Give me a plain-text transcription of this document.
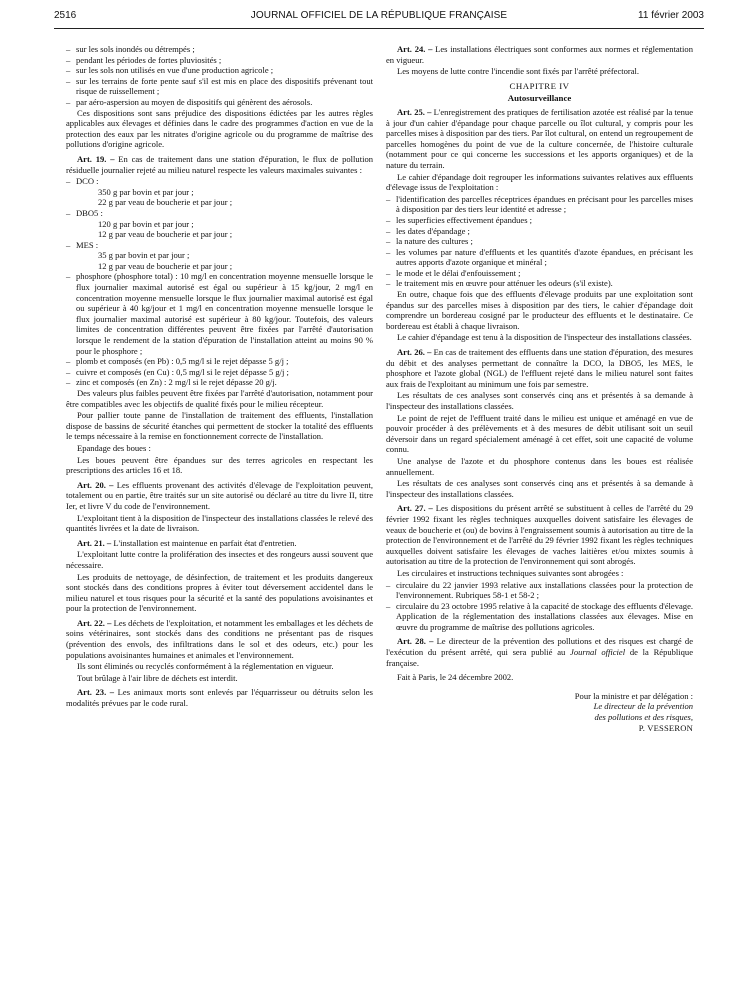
2516	JOURNAL OFFICIEL DE LA RÉPUBLIQUE FRANÇAISE	11 février 2003
– sur les sols inondés ou détrempés ;
– pendant les périodes de fortes pluviosités ;
– sur les sols non utilisés en vue d'une production agricole ;
– sur les terrains de forte pente sauf s'il est mis en place des dispositifs prévenant tout risque de ruissellement ;
– par aéro-aspersion au moyen de dispositifs qui génèrent des aérosols.

Ces dispositions sont sans préjudice des dispositions édictées par les autres règles applicables aux élevages et définies dans le cadre des programmes d'action en vue de la protection des eaux par les nitrates d'origine agricole ou du programme de maîtrise des pollutions d'origine agricole.

Art. 19. – En cas de traitement dans une station d'épuration, le flux de pollution résiduelle journalier rejeté au milieu naturel respecte les valeurs maximales suivantes :

– DCO :
350 g par bovin et par jour ;
22 g par veau de boucherie et par jour ;
– DBO5 :
120 g par bovin et par jour ;
12 g par veau de boucherie et par jour ;
– MES :
35 g par bovin et par jour ;
12 g par veau de boucherie et par jour ;
– phosphore (phosphore total) : 10 mg/l en concentration moyenne mensuelle lorsque le flux journalier maximal autorisé est égal ou supérieur à 15 kg/jour, 2 mg/l en concentration moyenne mensuelle lorsque le flux journalier maximal autorisé est égal ou supérieur à 40 kg/jour et 1 mg/l en concentration moyenne mensuelle lorsque le flux journalier maximal autorisé est supérieur à 80 kg/jour. Toutefois, des valeurs limites de concentration différentes peuvent être fixées par l'arrêté d'autorisation lorsque le rendement de la station d'épuration de l'installation atteint au moins 90 % pour le phosphore ;
– plomb et composés (en Pb) : 0,5 mg/l si le rejet dépasse 5 g/j ;
– cuivre et composés (en Cu) : 0,5 mg/l si le rejet dépasse 5 g/j ;
– zinc et composés (en Zn) : 2 mg/l si le rejet dépasse 20 g/j.

Des valeurs plus faibles peuvent être fixées par l'arrêté d'autorisation, notamment pour être compatibles avec les objectifs de qualité fixés pour le milieu récepteur.

Pour pallier toute panne de l'installation de traitement des effluents, l'installation dispose de bassins de sécurité étanches qui permettent de stocker la totalité des effluents le temps nécessaire à la remise en fonctionnement correcte de l'installation.

Epandage des boues :

Les boues peuvent être épandues sur des terres agricoles en respectant les prescriptions des articles 16 et 18.

Art. 20. – Les effluents provenant des activités d'élevage de l'exploitation peuvent, totalement ou en partie, être traités sur un site autorisé ou déclaré au titre du livre II, titre Ier, et livre V du code de l'environnement.

L'exploitant tient à la disposition de l'inspecteur des installations classées le relevé des quantités livrées et la date de livraison.

Art. 21. – L'installation est maintenue en parfait état d'entretien.

L'exploitant lutte contre la prolifération des insectes et des rongeurs aussi souvent que nécessaire.

Les produits de nettoyage, de désinfection, de traitement et les produits dangereux sont stockés dans des conditions propres à éviter tout déversement accidentel dans le milieu naturel et tous risques pour la sécurité et la santé des populations avoisinantes et pour la protection de l'environnement.

Art. 22. – Les déchets de l'exploitation, et notamment les emballages et les déchets de soins vétérinaires, sont stockés dans des conditions ne présentant pas de risques (prévention des envols, des infiltrations dans le sol et des odeurs, etc.) pour les populations avoisinantes humaines et animales et l'environnement.

Ils sont éliminés ou recyclés conformément à la réglementation en vigueur.

Tout brûlage à l'air libre de déchets est interdit.

Art. 23. – Les animaux morts sont enlevés par l'équarrisseur ou détruits selon les modalités prévues par le code rural.

Art. 24. – Les installations électriques sont conformes aux normes et réglementation en vigueur.

Les moyens de lutte contre l'incendie sont fixés par l'arrêté préfectoral.

CHAPITRE IV
Autosurveillance

Art. 25. – L'enregistrement des pratiques de fertilisation azotée est réalisé par la tenue à jour d'un cahier d'épandage pour chaque parcelle ou îlot cultural, y compris pour les parcelles mises à disposition par des tiers. Par îlot cultural, on entend un regroupement de parcelles homogènes du point de vue de la culture concernée, de l'histoire culturale (notamment pour ce qui concerne les successions et les apports organiques) et de la nature du terrain.

Le cahier d'épandage doit regrouper les informations suivantes relatives aux effluents d'élevage issus de l'exploitation :

– l'identification des parcelles réceptrices épandues en précisant pour les parcelles mises à disposition par des tiers leur identité et adresse ;
– les superficies effectivement épandues ;
– les dates d'épandage ;
– la nature des cultures ;
– les volumes par nature d'effluents et les quantités d'azote épandues, en précisant les autres apports d'azote organique et minéral ;
– le mode et le délai d'enfouissement ;
– le traitement mis en œuvre pour atténuer les odeurs (s'il existe).

En outre, chaque fois que des effluents d'élevage produits par une exploitation sont épandus sur des parcelles mises à disposition par des tiers, le cahier d'épandage doit comprendre un bordereau cosigné par le producteur des effluents et le destinataire. Ce bordereau est établi à chaque livraison.

Le cahier d'épandage est tenu à la disposition de l'inspecteur des installations classées.

Art. 26. – En cas de traitement des effluents dans une station d'épuration, des mesures du débit et des analyses permettant de connaître la DCO, la DBO5, les MES, le phosphore et l'azote global (NGL) de l'effluent rejeté dans le milieu naturel sont faites aux frais de l'exploitant au minimum une fois par semestre.

Les résultats de ces analyses sont conservés cinq ans et présentés à sa demande à l'inspecteur des installations classées.

Le point de rejet de l'effluent traité dans le milieu est unique et aménagé en vue de pouvoir procéder à des prélèvements et à des mesures de débit utilisant soit un seuil déversoir dans un regard spécialement aménagé à cet effet, soit une capacité de volume connu.

Une analyse de l'azote et du phosphore contenus dans les boues est réalisée annuellement.

Les résultats de ces analyses sont conservés cinq ans et présentés à sa demande à l'inspecteur des installations classées.

Art. 27. – Les dispositions du présent arrêté se substituent à celles de l'arrêté du 29 février 1992 fixant les règles techniques auxquelles doivent satisfaire les élevages de veaux de boucherie et (ou) de bovins à l'engraissement soumis à autorisation au titre de la protection de l'environnement et de l'arrêté du 29 février 1992 fixant les règles techniques auxquelles doivent satisfaire les élevages de vaches laitières et/ou mixtes soumis à autorisation au titre de la protection de l'environnement qui sont abrogés.

Les circulaires et instructions techniques suivantes sont abrogées :

– circulaire du 22 janvier 1993 relative aux installations classées pour la protection de l'environnement. Rubriques 58-1 et 58-2 ;
– circulaire du 23 octobre 1995 relative à la capacité de stockage des effluents d'élevage. Application de la réglementation des installations classées aux élevages. Mise en œuvre du programme de maîtrise des pollutions agricoles.

Art. 28. – Le directeur de la prévention des pollutions et des risques est chargé de l'exécution du présent arrêté, qui sera publié au Journal officiel de la République française.

Fait à Paris, le 24 décembre 2002.

Pour la ministre et par délégation :
Le directeur de la prévention
des pollutions et des risques,
P. VESSERON
